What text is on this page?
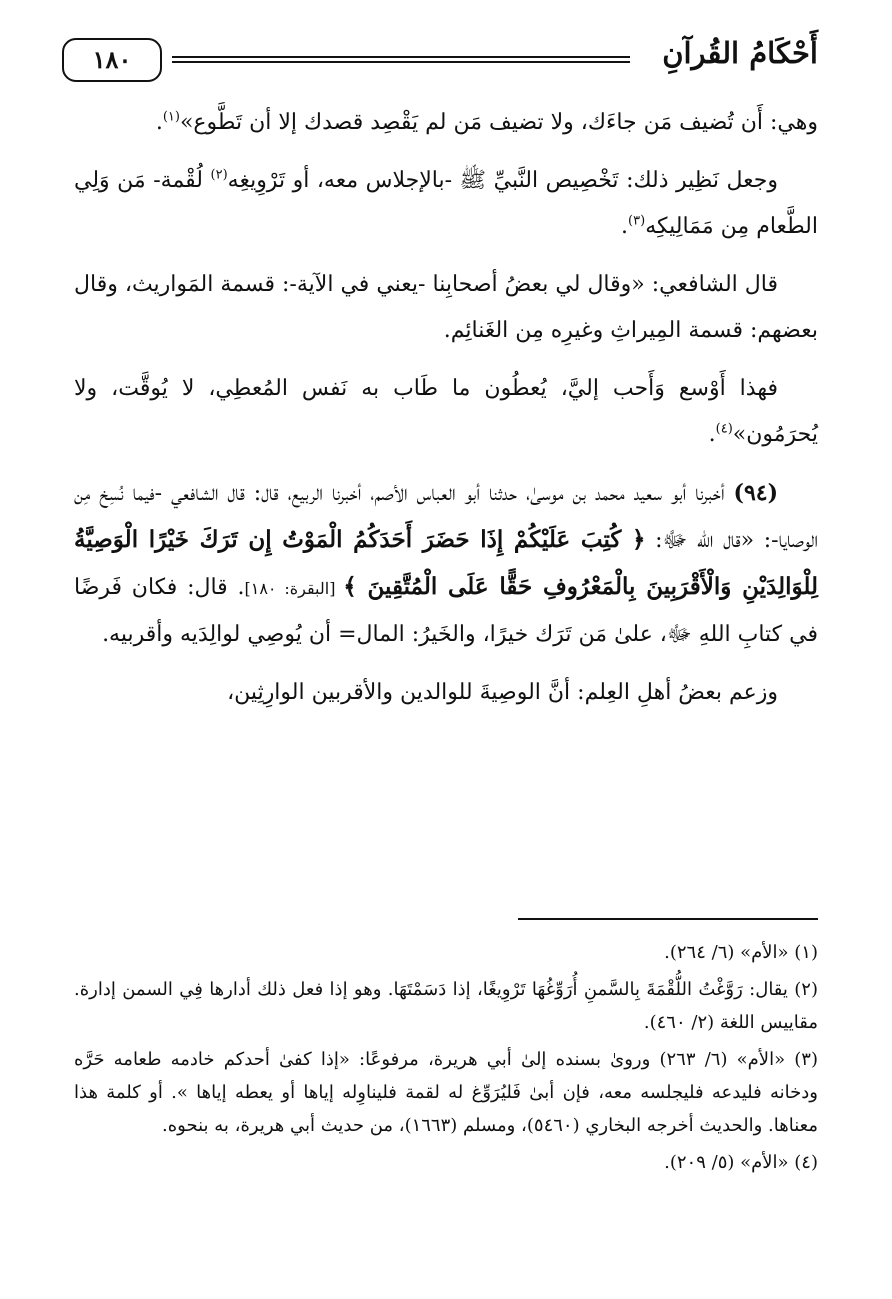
أَحْكَامُ القُرآنِ
١٨٠

وهي: أَن تُضيف مَن جاءَك، ولا تضيف مَن لم يَقْصِد قصدك إلا أن تَطَّوع»$^{(١)}$.

وجعل نَظِير ذلك: تَخْصِيص النَّبيِّ ﷺ -بالإجلاس معه، أو تَرْوِيغِه$^{(٢)}$ لُقْمة- مَن وَلِي الطَّعام مِن مَمَالِيكِه$^{(٣)}$.

قال الشافعي: «وقال لي بعضُ أصحابِنا -يعني في الآية-: قسمة المَواريث، وقال بعضهم: قسمة المِيراثِ وغيرِه مِن الغَنائِم.

فهذا أَوْسع وَأَحب إليَّ، يُعطُون ما طَاب به نَفس المُعطِي، لا يُوقَّت، ولا يُحرَمُون»$^{(٤)}$.

(٩٤) أخبرنا أبو سعيد محمد بن موسىٰ، حدثنا أبو العباس الأصم، أخبرنا الربيع، قال: قال الشافعي -فيما نُسِخ مِن الوصايا-: «قال الله ﷻ: ﴿ كُتِبَ عَلَيْكُمْ إِذَا حَضَرَ أَحَدَكُمُ الْمَوْتُ إِن تَرَكَ خَيْرًا الْوَصِيَّةُ لِلْوَالِدَيْنِ وَالْأَقْرَبِينَ بِالْمَعْرُوفِ حَقًّا عَلَى الْمُتَّقِينَ ﴾ [البقرة: ١٨٠]. قال: فكان فَرضًا في كتابِ اللهِ ﷻ، علىٰ مَن تَرَك خيرًا، والخَيرُ: المال= أن يُوصِي لوالِدَيه وأقربيه.

وزعم بعضُ أهلِ العِلم: أنَّ الوصِيةَ للوالدين والأقربين الوارِثِين،

(١) «الأم» (٦/ ٢٦٤).

(٢) يقال: رَوَّغْتُ اللُّقْمَةَ بِالسَّمنِ أُرَوِّغُهَا تَرْوِيغًا، إذا دَسَمْتَهَا. وهو إذا فعل ذلك أدارها فِي السمن إدارة. مقاييس اللغة (٢/ ٤٦٠).

(٣) «الأم» (٦/ ٢٦٣) وروىٰ بسنده إلىٰ أبي هريرة، مرفوعًا: «إذا كفىٰ أحدكم خادمه طعامه حَرَّه ودخانه فليدعه فليجلسه معه، فإن أبىٰ فَليُرَوِّغ له لقمة فليناوِله إياها أو يعطه إياها ». أو كلمة هذا معناها. والحديث أخرجه البخاري (٥٤٦٠)، ومسلم (١٦٦٣)، من حديث أبي هريرة، به بنحوه.

(٤) «الأم» (٥/ ٢٠٩).
